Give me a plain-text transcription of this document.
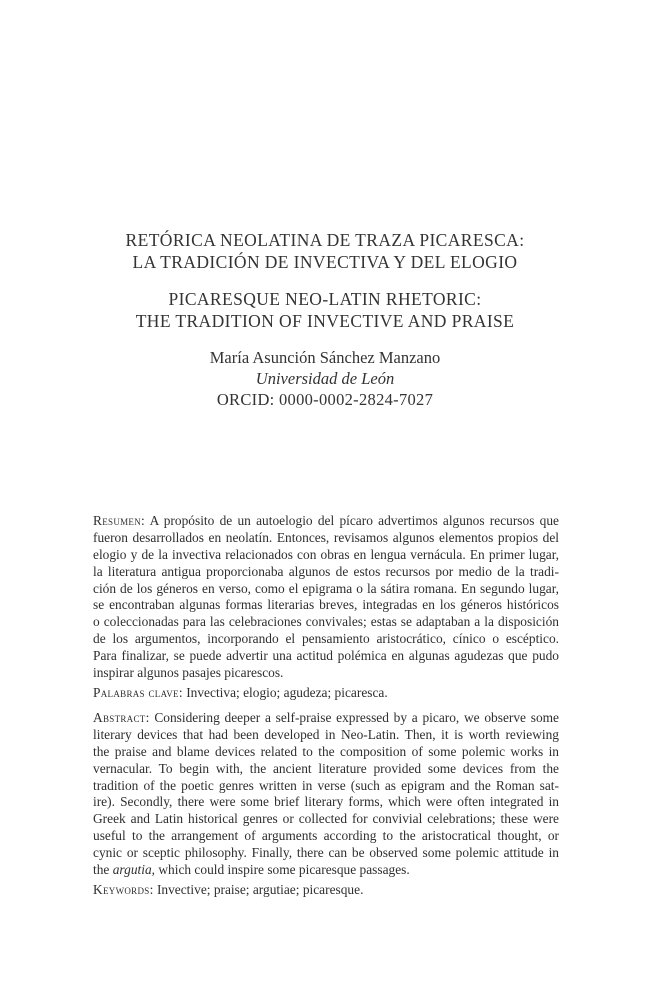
RETÓRICA NEOLATINA DE TRAZA PICARESCA:
LA TRADICIÓN DE INVECTIVA Y DEL ELOGIO
PICARESQUE NEO-LATIN RHETORIC:
THE TRADITION OF INVECTIVE AND PRAISE
María Asunción Sánchez Manzano
Universidad de León
ORCID: 0000-0002-2824-7027
Resumen: A propósito de un autoelogio del pícaro advertimos algunos recursos que
fueron desarrollados en neolatín. Entonces, revisamos algunos elementos propios del
elogio y de la invectiva relacionados con obras en lengua vernácula. En primer lugar,
la literatura antigua proporcionaba algunos de estos recursos por medio de la tradi-
ción de los géneros en verso, como el epigrama o la sátira romana. En segundo lugar,
se encontraban algunas formas literarias breves, integradas en los géneros históricos
o coleccionadas para las celebraciones convivales; estas se adaptaban a la disposición
de los argumentos, incorporando el pensamiento aristocrático, cínico o escéptico.
Para finalizar, se puede advertir una actitud polémica en algunas agudezas que pudo
inspirar algunos pasajes picarescos.
Palabras clave: Invectiva; elogio; agudeza; picaresca.
Abstract: Considering deeper a self-praise expressed by a picaro, we observe some
literary devices that had been developed in Neo-Latin. Then, it is worth reviewing
the praise and blame devices related to the composition of some polemic works in
vernacular. To begin with, the ancient literature provided some devices from the
tradition of the poetic genres written in verse (such as epigram and the Roman sat-
ire). Secondly, there were some brief literary forms, which were often integrated in
Greek and Latin historical genres or collected for convivial celebrations; these were
useful to the arrangement of arguments according to the aristocratical thought, or
cynic or sceptic philosophy. Finally, there can be observed some polemic attitude in
the argutia, which could inspire some picaresque passages.
Keywords: Invective; praise; argutiae; picaresque.
